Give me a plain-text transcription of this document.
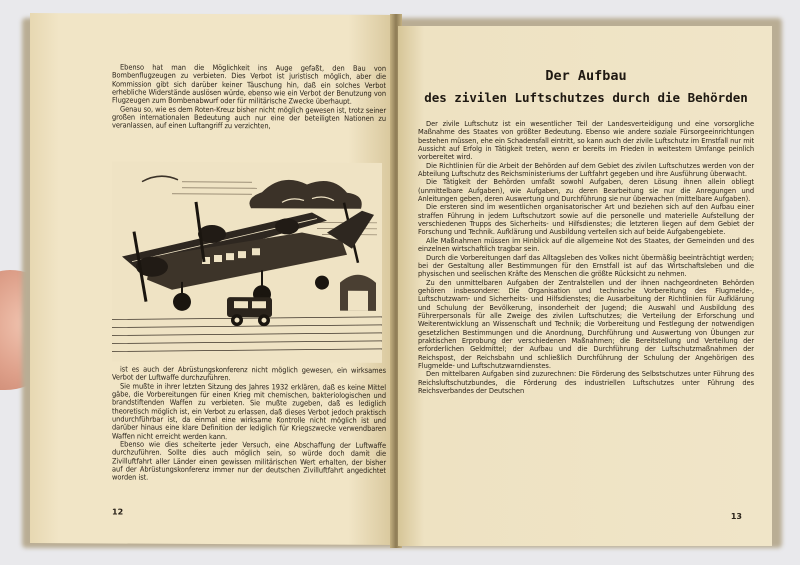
Ebenso hat man die Möglichkeit ins Auge gefaßt, den Bau von Bombenflugzeugen zu verbieten. Dies Verbot ist juristisch möglich, aber die Kommission gibt sich darüber keiner Täuschung hin, daß ein solches Verbot erhebliche Widerstände auslösen würde, ebenso wie ein Verbot der Benutzung von Flugzeugen zum Bombenabwurf oder für militärische Zwecke überhaupt.

Genau so, wie es dem Roten-Kreuz bisher nicht möglich gewesen ist, trotz seiner großen internationalen Bedeutung auch nur eine der beteiligten Nationen zu veranlassen, auf einen Luftangriff zu verzichten,

ist es auch der Abrüstungskonferenz nicht möglich gewesen, ein wirksames Verbot der Luftwaffe durchzuführen.

Sie mußte in ihrer letzten Sitzung des Jahres 1932 erklären, daß es keine Mittel gäbe, die Vorbereitungen für einen Krieg mit chemischen, bakteriologischen und brandstiftenden Waffen zu verbieten. Sie mußte zugeben, daß es lediglich theoretisch möglich ist, ein Verbot zu erlassen, daß dieses Verbot jedoch praktisch undurchführbar ist, da einmal eine wirksame Kontrolle nicht möglich ist und darüber hinaus eine klare Definition der lediglich für Kriegszwecke verwendbaren Waffen nicht erreicht werden kann.

Ebenso wie dies scheiterte jeder Versuch, eine Abschaffung der Luftwaffe durchzuführen. Sollte dies auch möglich sein, so würde doch damit die Zivilluftfahrt aller Länder einen gewissen militärischen Wert erhalten, der bisher auf der Abrüstungskonferenz immer nur der deutschen Zivilluftfahrt angedichtet worden ist.

12
Der Aufbau
des zivilen Luftschutzes durch die Behörden

Der zivile Luftschutz ist ein wesentlicher Teil der Landesverteidigung und eine vorsorgliche Maßnahme des Staates von größter Bedeutung. Ebenso wie andere soziale Fürsorgeeinrichtungen bestehen müssen, ehe ein Schadensfall eintritt, so kann auch der zivile Luftschutz im Ernstfall nur mit Aussicht auf Erfolg in Tätigkeit treten, wenn er bereits im Frieden in weitestem Umfange peinlich vorbereitet wird.

Die Richtlinien für die Arbeit der Behörden auf dem Gebiet des zivilen Luftschutzes werden von der Abteilung Luftschutz des Reichsministeriums der Luftfahrt gegeben und ihre Ausführung überwacht.

Die Tätigkeit der Behörden umfaßt sowohl Aufgaben, deren Lösung ihnen allein obliegt (unmittelbare Aufgaben), wie Aufgaben, zu deren Bearbeitung sie nur die Anregungen und Anleitungen geben, deren Auswertung und Durchführung sie nur überwachen (mittelbare Aufgaben).

Die ersteren sind im wesentlichen organisatorischer Art und beziehen sich auf den Aufbau einer straffen Führung in jedem Luftschutzort sowie auf die personelle und materielle Aufstellung der verschiedenen Trupps des Sicherheits- und Hilfsdienstes; die letzteren liegen auf dem Gebiet der Forschung und Technik. Aufklärung und Ausbildung verteilen sich auf beide Aufgabengebiete.

Alle Maßnahmen müssen im Hinblick auf die allgemeine Not des Staates, der Gemeinden und des einzelnen wirtschaftlich tragbar sein.

Durch die Vorbereitungen darf das Alltagsleben des Volkes nicht übermäßig beeinträchtigt werden; bei der Gestaltung aller Bestimmungen für den Ernstfall ist auf das Wirtschaftsleben und die physischen und seelischen Kräfte des Menschen die größte Rücksicht zu nehmen.

Zu den unmittelbaren Aufgaben der Zentralstellen und der ihnen nachgeordneten Behörden gehören insbesondere: Die Organisation und technische Vorbereitung des Flugmelde-, Luftschutzwarn- und Sicherheits- und Hilfsdienstes; die Ausarbeitung der Richtlinien für Aufklärung und Schulung der Bevölkerung, insonderheit der Jugend; die Auswahl und Ausbildung des Führerpersonals für alle Zweige des zivilen Luftschutzes; die Verteilung der Erforschung und Weiterentwicklung an Wissenschaft und Technik; die Vorbereitung und Festlegung der notwendigen gesetzlichen Bestimmungen und die Anordnung, Durchführung und Auswertung von Übungen zur praktischen Erprobung der verschiedenen Maßnahmen; die Bereitstellung und Verteilung der erforderlichen Geldmittel; der Aufbau und die Durchführung der Luftschutzmaßnahmen der Reichspost, der Reichsbahn und schließlich Durchführung der Schulung der Angehörigen des Flugmelde- und Luftschutzwarndienstes.

Den mittelbaren Aufgaben sind zuzurechnen: Die Förderung des Selbstschutzes unter Führung des Reichsluftschutzbundes, die Förderung des industriellen Luftschutzes unter Führung des Reichsverbandes der Deutschen

13
